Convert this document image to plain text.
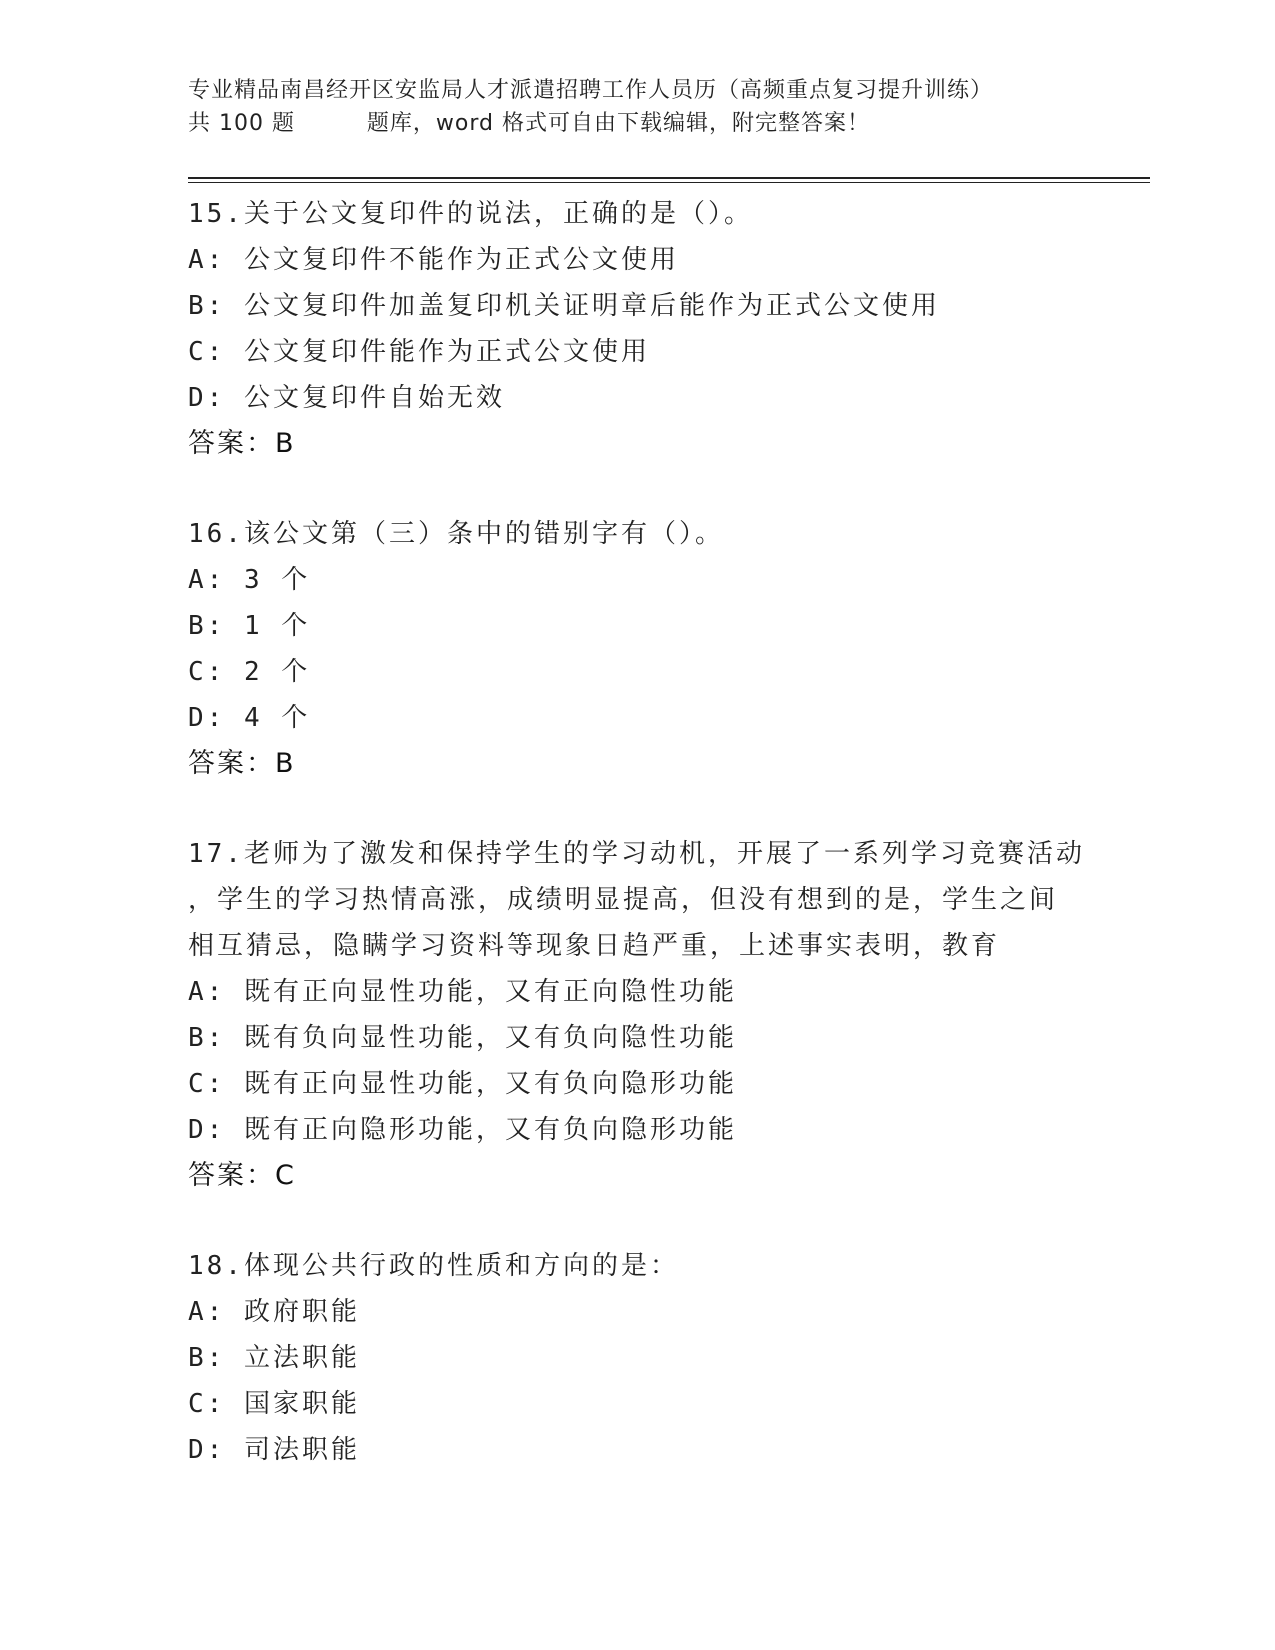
专业精品南昌经开区安监局人才派遣招聘工作人员历（高频重点复习提升训练）
共 100 题         题库，word 格式可自由下载编辑，附完整答案！
15.关于公文复印件的说法，正确的是（）。
A: 公文复印件不能作为正式公文使用
B: 公文复印件加盖复印机关证明章后能作为正式公文使用
C: 公文复印件能作为正式公文使用
D: 公文复印件自始无效
答案：B
16.该公文第（三）条中的错别字有（）。
A: 3 个
B: 1 个
C: 2 个
D: 4 个
答案：B
17.老师为了激发和保持学生的学习动机，开展了一系列学习竞赛活动
，学生的学习热情高涨，成绩明显提高，但没有想到的是，学生之间
相互猜忌，隐瞒学习资料等现象日趋严重，上述事实表明，教育
A: 既有正向显性功能，又有正向隐性功能
B: 既有负向显性功能，又有负向隐性功能
C: 既有正向显性功能，又有负向隐形功能
D: 既有正向隐形功能，又有负向隐形功能
答案：C
18.体现公共行政的性质和方向的是：
A: 政府职能
B: 立法职能
C: 国家职能
D: 司法职能
